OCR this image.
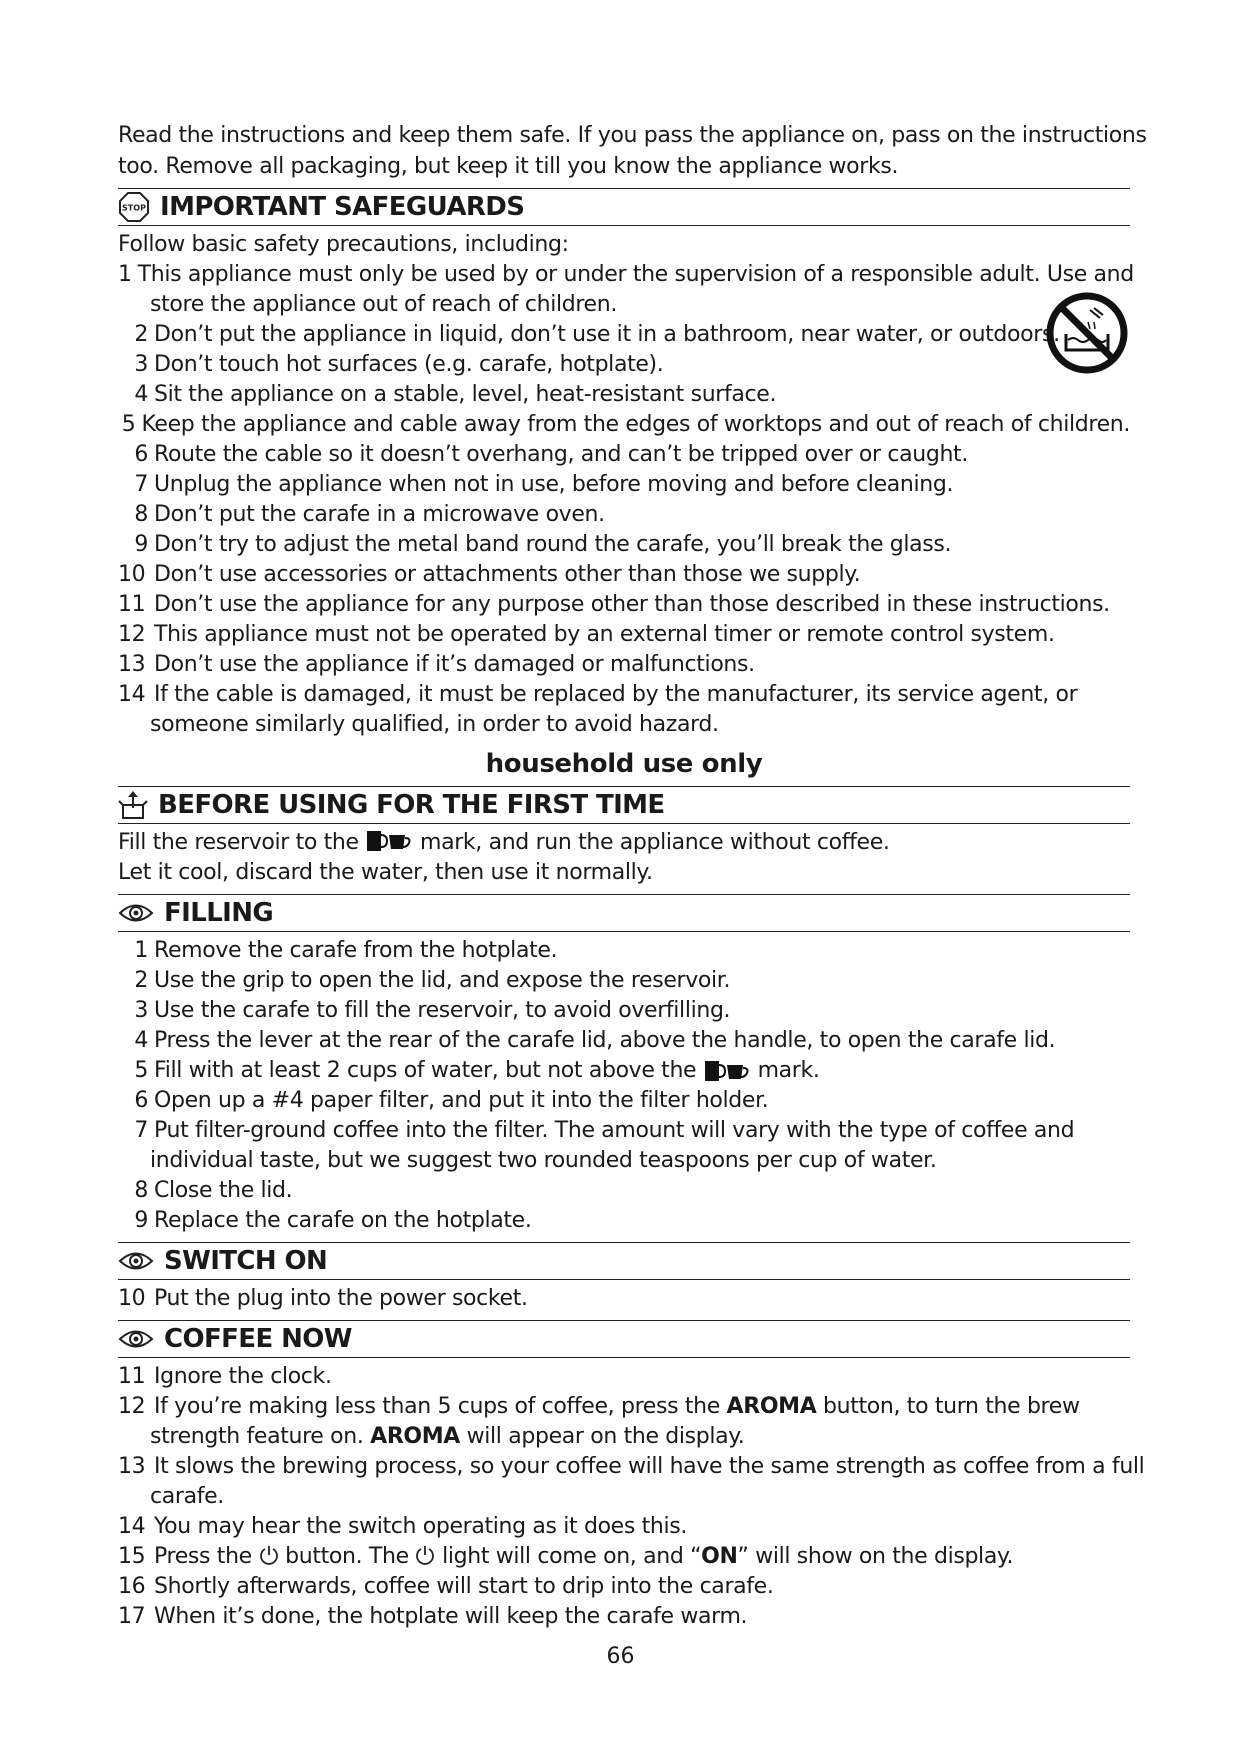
Read the instructions and keep them safe. If you pass the appliance on, pass on the instructions
too. Remove all packaging, but keep it till you know the appliance works.
STOP IMPORTANT SAFEGUARDS

Follow basic safety precautions, including:

1 This appliance must only be used by or under the supervision of a responsible adult. Use and
store the appliance out of reach of children.
2 Don’t put the appliance in liquid, don’t use it in a bathroom, near water, or outdoors.
3 Don’t touch hot surfaces (e.g. carafe, hotplate).
4 Sit the appliance on a stable, level, heat-resistant surface.
5 Keep the appliance and cable away from the edges of worktops and out of reach of children.
6 Route the cable so it doesn’t overhang, and can’t be tripped over or caught.
7 Unplug the appliance when not in use, before moving and before cleaning.
8 Don’t put the carafe in a microwave oven.
9 Don’t try to adjust the metal band round the carafe, you’ll break the glass.
10 Don’t use accessories or attachments other than those we supply.
11 Don’t use the appliance for any purpose other than those described in these instructions.
12 This appliance must not be operated by an external timer or remote control system.
13 Don’t use the appliance if it’s damaged or malfunctions.
14 If the cable is damaged, it must be replaced by the manufacturer, its service agent, or
someone similarly qualified, in order to avoid hazard.
household use only
BEFORE USING FOR THE FIRST TIME
Fill the reservoir to the	mark, and run the appliance without coffee.
Let it cool, discard the water, then use it normally.
FILLING
1 Remove the carafe from the hotplate.
2 Use the grip to open the lid, and expose the reservoir.
3 Use the carafe to fill the reservoir, to avoid overfilling.
4 Press the lever at the rear of the carafe lid, above the handle, to open the carafe lid.
5 Fill with at least 2 cups of water, but not above the

	mark.
6 Open up a #4 paper filter, and put it into the filter holder.
7 Put filter-ground coffee into the filter. The amount will vary with the type of coffee and
individual taste, but we suggest two rounded teaspoons per cup of water.
8 Close the lid.
9 Replace the carafe on the hotplate.
SWITCH ON
10 Put the plug into the power socket.
COFFEE NOW
11 Ignore the clock.
12 If you’re making less than 5 cups of coffee, press the AROMA button, to turn the brew
strength feature on. AROMA will appear on the display.
13 It slows the brewing process, so your coffee will have the same strength as coffee from a full
carafe.
14 You may hear the switch operating as it does this.
15 Press the button. The light will come on, and “ON” will show on the display.
16 Shortly afterwards, coffee will start to drip into the carafe.
17 When it’s done, the hotplate will keep the carafe warm.
66
